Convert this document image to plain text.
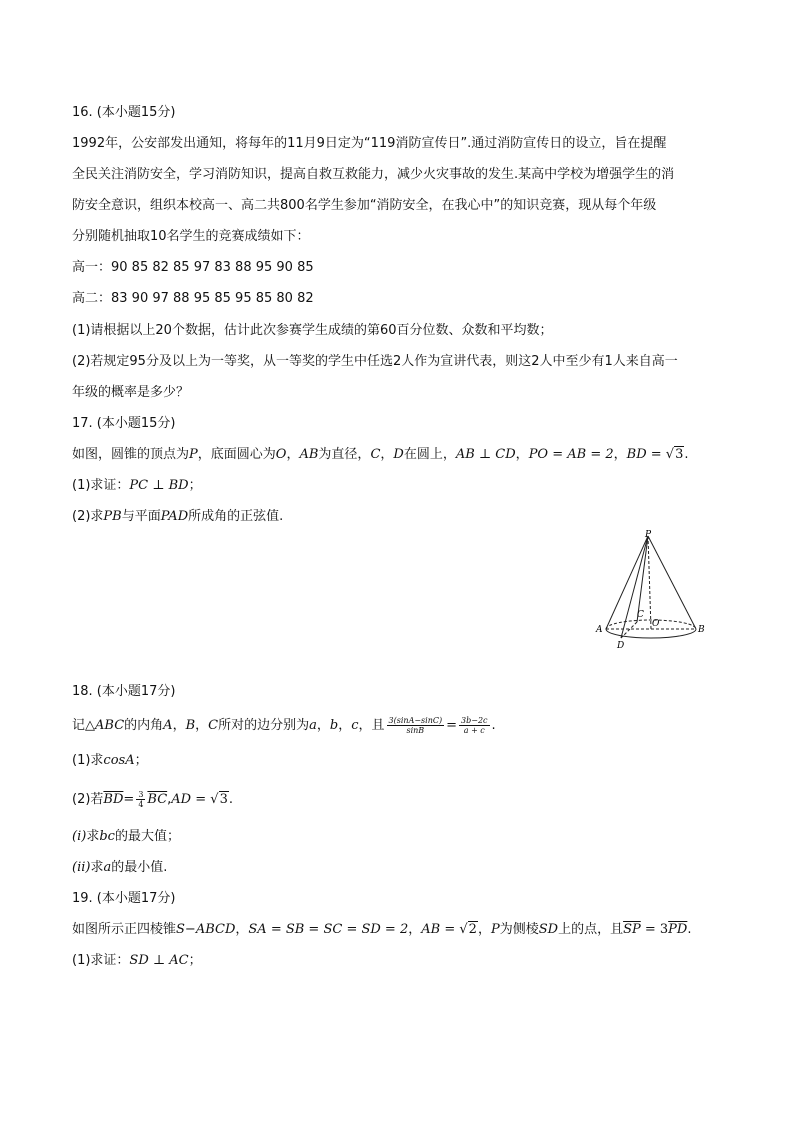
16. (本小题15分)
1992年，公安部发出通知，将每年的11月9日定为“119消防宣传日”.通过消防宣传日的设立，旨在提醒
全民关注消防安全，学习消防知识，提高自救互救能力，减少火灾事故的发生.某高中学校为增强学生的消
防安全意识，组织本校高一、高二共800名学生参加“消防安全，在我心中”的知识竞赛，现从每个年级
分别随机抽取10名学生的竞赛成绩如下：
高一：90 85 82 85 97 83 88 95 90 85
高二：83 90 97 88 95 85 95 85 80 82
(1)请根据以上20个数据，估计此次参赛学生成绩的第60百分位数、众数和平均数；
(2)若规定95分及以上为一等奖，从一等奖的学生中任选2人作为宣讲代表，则这2人中至少有1人来自高一
年级的概率是多少？
17. (本小题15分)
如图，圆锥的顶点为P，底面圆心为O，AB为直径，C，D在圆上，AB ⊥ CD，PO = AB = 2，BD = √3.
(1)求证：PC ⊥ BD；
(2)求PB与平面PAD所成角的正弦值.
P
A	B
C
D
O
18. (本小题17分)
记△ABC的内角A，B，C所对的边分别为a，b，c，且 $\frac{3(\sin A-\sin C)}{\sin B} = \frac{3b-2c}{a + c}$ .
(1)求cosA；
(2)若$\overline{BD}= \frac{3}{4} \overline{BC},AD = √3$.
(i)求bc的最大值；
(ii)求a的最小值.
19. (本小题17分)
如图所示正四棱锥S−ABCD，SA = SB = SC = SD = 2，AB = √2，P为侧棱SD上的点，且$\overline{SP} = 3\overline{PD}$.
(1)求证：SD ⊥ AC；
